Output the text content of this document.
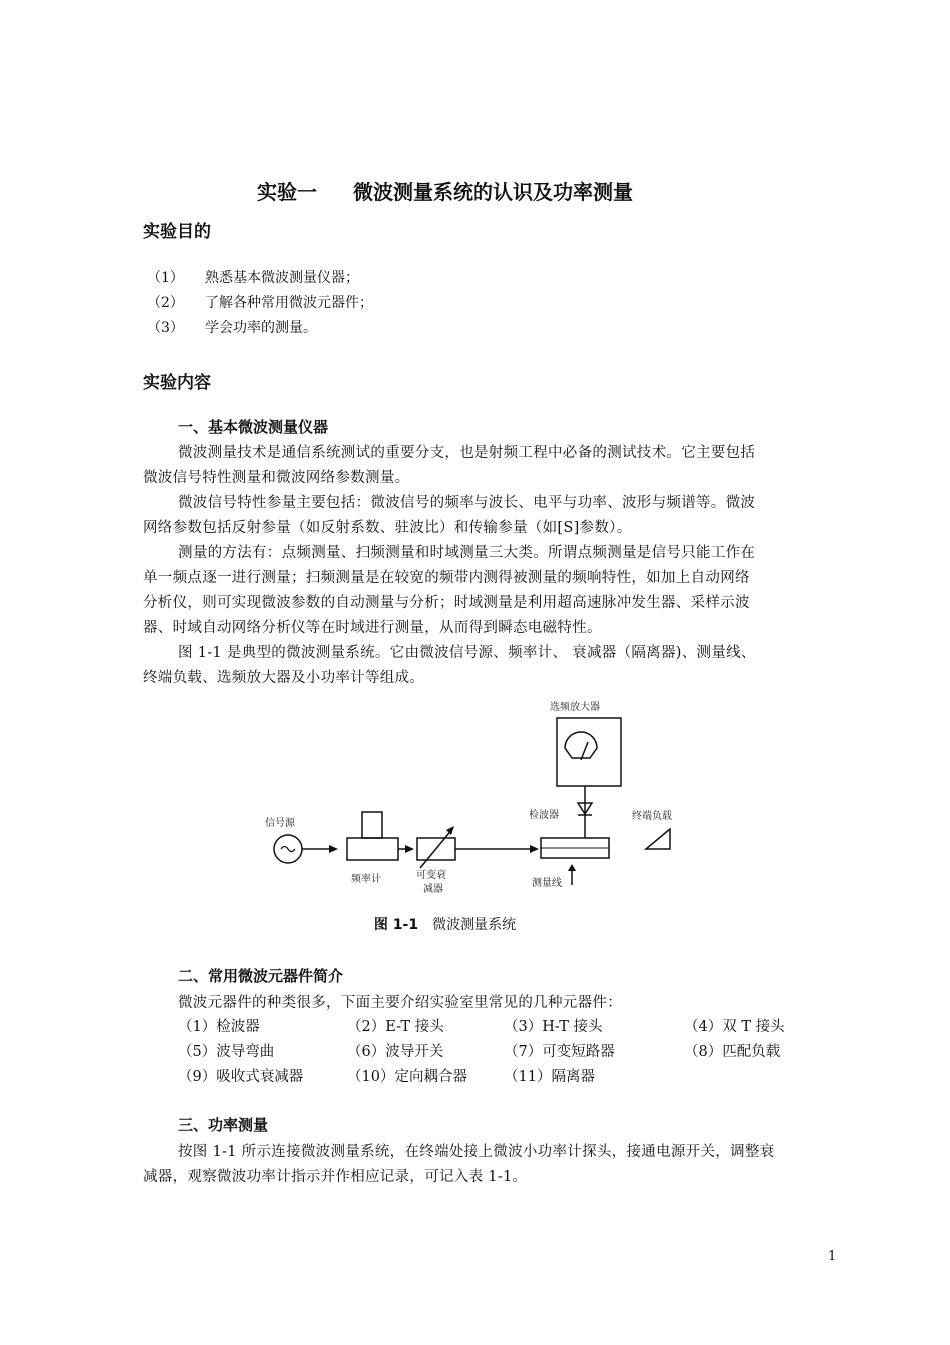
实验一 微波测量系统的认识及功率测量
实验目的
（1） 熟悉基本微波测量仪器；
（2） 了解各种常用微波元器件；
（3） 学会功率的测量。
实验内容
一、基本微波测量仪器
微波测量技术是通信系统测试的重要分支，也是射频工程中必备的测试技术。它主要包括
微波信号特性测量和微波网络参数测量。
微波信号特性参量主要包括：微波信号的频率与波长、电平与功率、波形与频谱等。微波
网络参数包括反射参量（如反射系数、驻波比）和传输参量（如[S]参数）。
测量的方法有：点频测量、扫频测量和时域测量三大类。所谓点频测量是信号只能工作在
单一频点逐一进行测量；扫频测量是在较宽的频带内测得被测量的频响特性，如加上自动网络
分析仪，则可实现微波参数的自动测量与分析；时域测量是利用超高速脉冲发生器、采样示波
器、时域自动网络分析仪等在时域进行测量，从而得到瞬态电磁特性。
图 1-1 是典型的微波测量系统。它由微波信号源、频率计、 衰减器（隔离器)、测量线、
终端负载、选频放大器及小功率计等组成。
选频放大器
信号源
检波器	终端负载
频率计	可变衰
减器
测量线
图 1-1 微波测量系统
二、常用微波元器件简介
微波元器件的种类很多，下面主要介绍实验室里常见的几种元器件：
（1）检波器	（2）E-T 接头	（3）H-T 接头	（4）双 T 接头
（5）波导弯曲	（6）波导开关	（7）可变短路器	（8）匹配负载
（9）吸收式衰减器	（10）定向耦合器	（11）隔离器
三、功率测量
按图 1-1 所示连接微波测量系统，在终端处接上微波小功率计探头，接通电源开关，调整衰
减器，观察微波功率计指示并作相应记录，可记入表 1-1。
1
